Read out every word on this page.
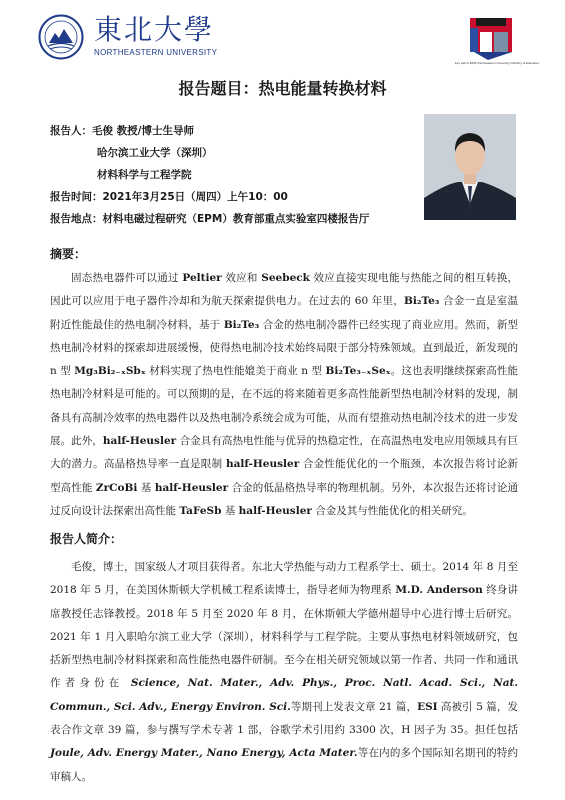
東北大學
NORTHEASTERN UNIVERSITY
Key Lab of EPM (Northeastern University) Ministry of Education
报告题目：热电能量转换材料
报告人：毛俊 教授/博士生导师
哈尔滨工业大学（深圳）
材料科学与工程学院
报告时间：2021年3月25日（周四）上午10：00
报告地点：材料电磁过程研究（EPM）教育部重点实验室四楼报告厅
摘要：

固态热电器件可以通过 Peltier 效应和 Seebeck 效应直接实现电能与热能之间的相互转换，因此可以应用于电子器件冷却和为航天探索提供电力。在过去的 60 年里，Bi₂Te₃ 合金一直是室温附近性能最佳的热电制冷材料，基于 Bi₂Te₃ 合金的热电制冷器件已经实现了商业应用。然而，新型热电制冷材料的探索却进展缓慢，使得热电制冷技术始终局限于部分特殊领域。直到最近，新发现的 n 型 Mg₃Bi₂₋ₓSbₓ 材料实现了热电性能媲美于商业 n 型 Bi₂Te₃₋ₓSeₓ。这也表明继续探索高性能热电制冷材料是可能的。可以预期的是，在不远的将来随着更多高性能新型热电制冷材料的发现，制备具有高制冷效率的热电器件以及热电制冷系统会成为可能，从而有望推动热电制冷技术的进一步发展。此外，half-Heusler 合金具有高热电性能与优异的热稳定性，在高温热电发电应用领域具有巨大的潜力。高晶格热导率一直是限制 half-Heusler 合金性能优化的一个瓶颈，本次报告将讨论新型高性能 ZrCoBi 基 half-Heusler 合金的低晶格热导率的物理机制。另外，本次报告还将讨论通过反向设计法探索出高性能 TaFeSb 基 half-Heusler 合金及其与性能优化的相关研究。

报告人简介：

毛俊，博士，国家级人才项目获得者。东北大学热能与动力工程系学士、硕士。2014 年 8 月至 2018 年 5 月，在美国休斯顿大学机械工程系读博士，指导老师为物理系 M.D. Anderson 终身讲席教授任志锋教授。2018 年 5 月至 2020 年 8 月，在休斯顿大学德州超导中心进行博士后研究。2021 年 1 月入职哈尔滨工业大学（深圳），材料科学与工程学院。主要从事热电材料领域研究，包括新型热电制冷材料探索和高性能热电器件研制。至今在相关研究领域以第一作者、共同一作和通讯作者身份在 Science, Nat. Mater., Adv. Phys., Proc. Natl. Acad. Sci., Nat. Commun., Sci. Adv., Energy Environ. Sci.等期刊上发表文章 21 篇，ESI 高被引 5 篇，发表合作文章 39 篇，参与撰写学术专著 1 部，谷歌学术引用约 3300 次，H 因子为 35。担任包括 Joule, Adv. Energy Mater., Nano Energy, Acta Mater.等在内的多个国际知名期刊的特约审稿人。
